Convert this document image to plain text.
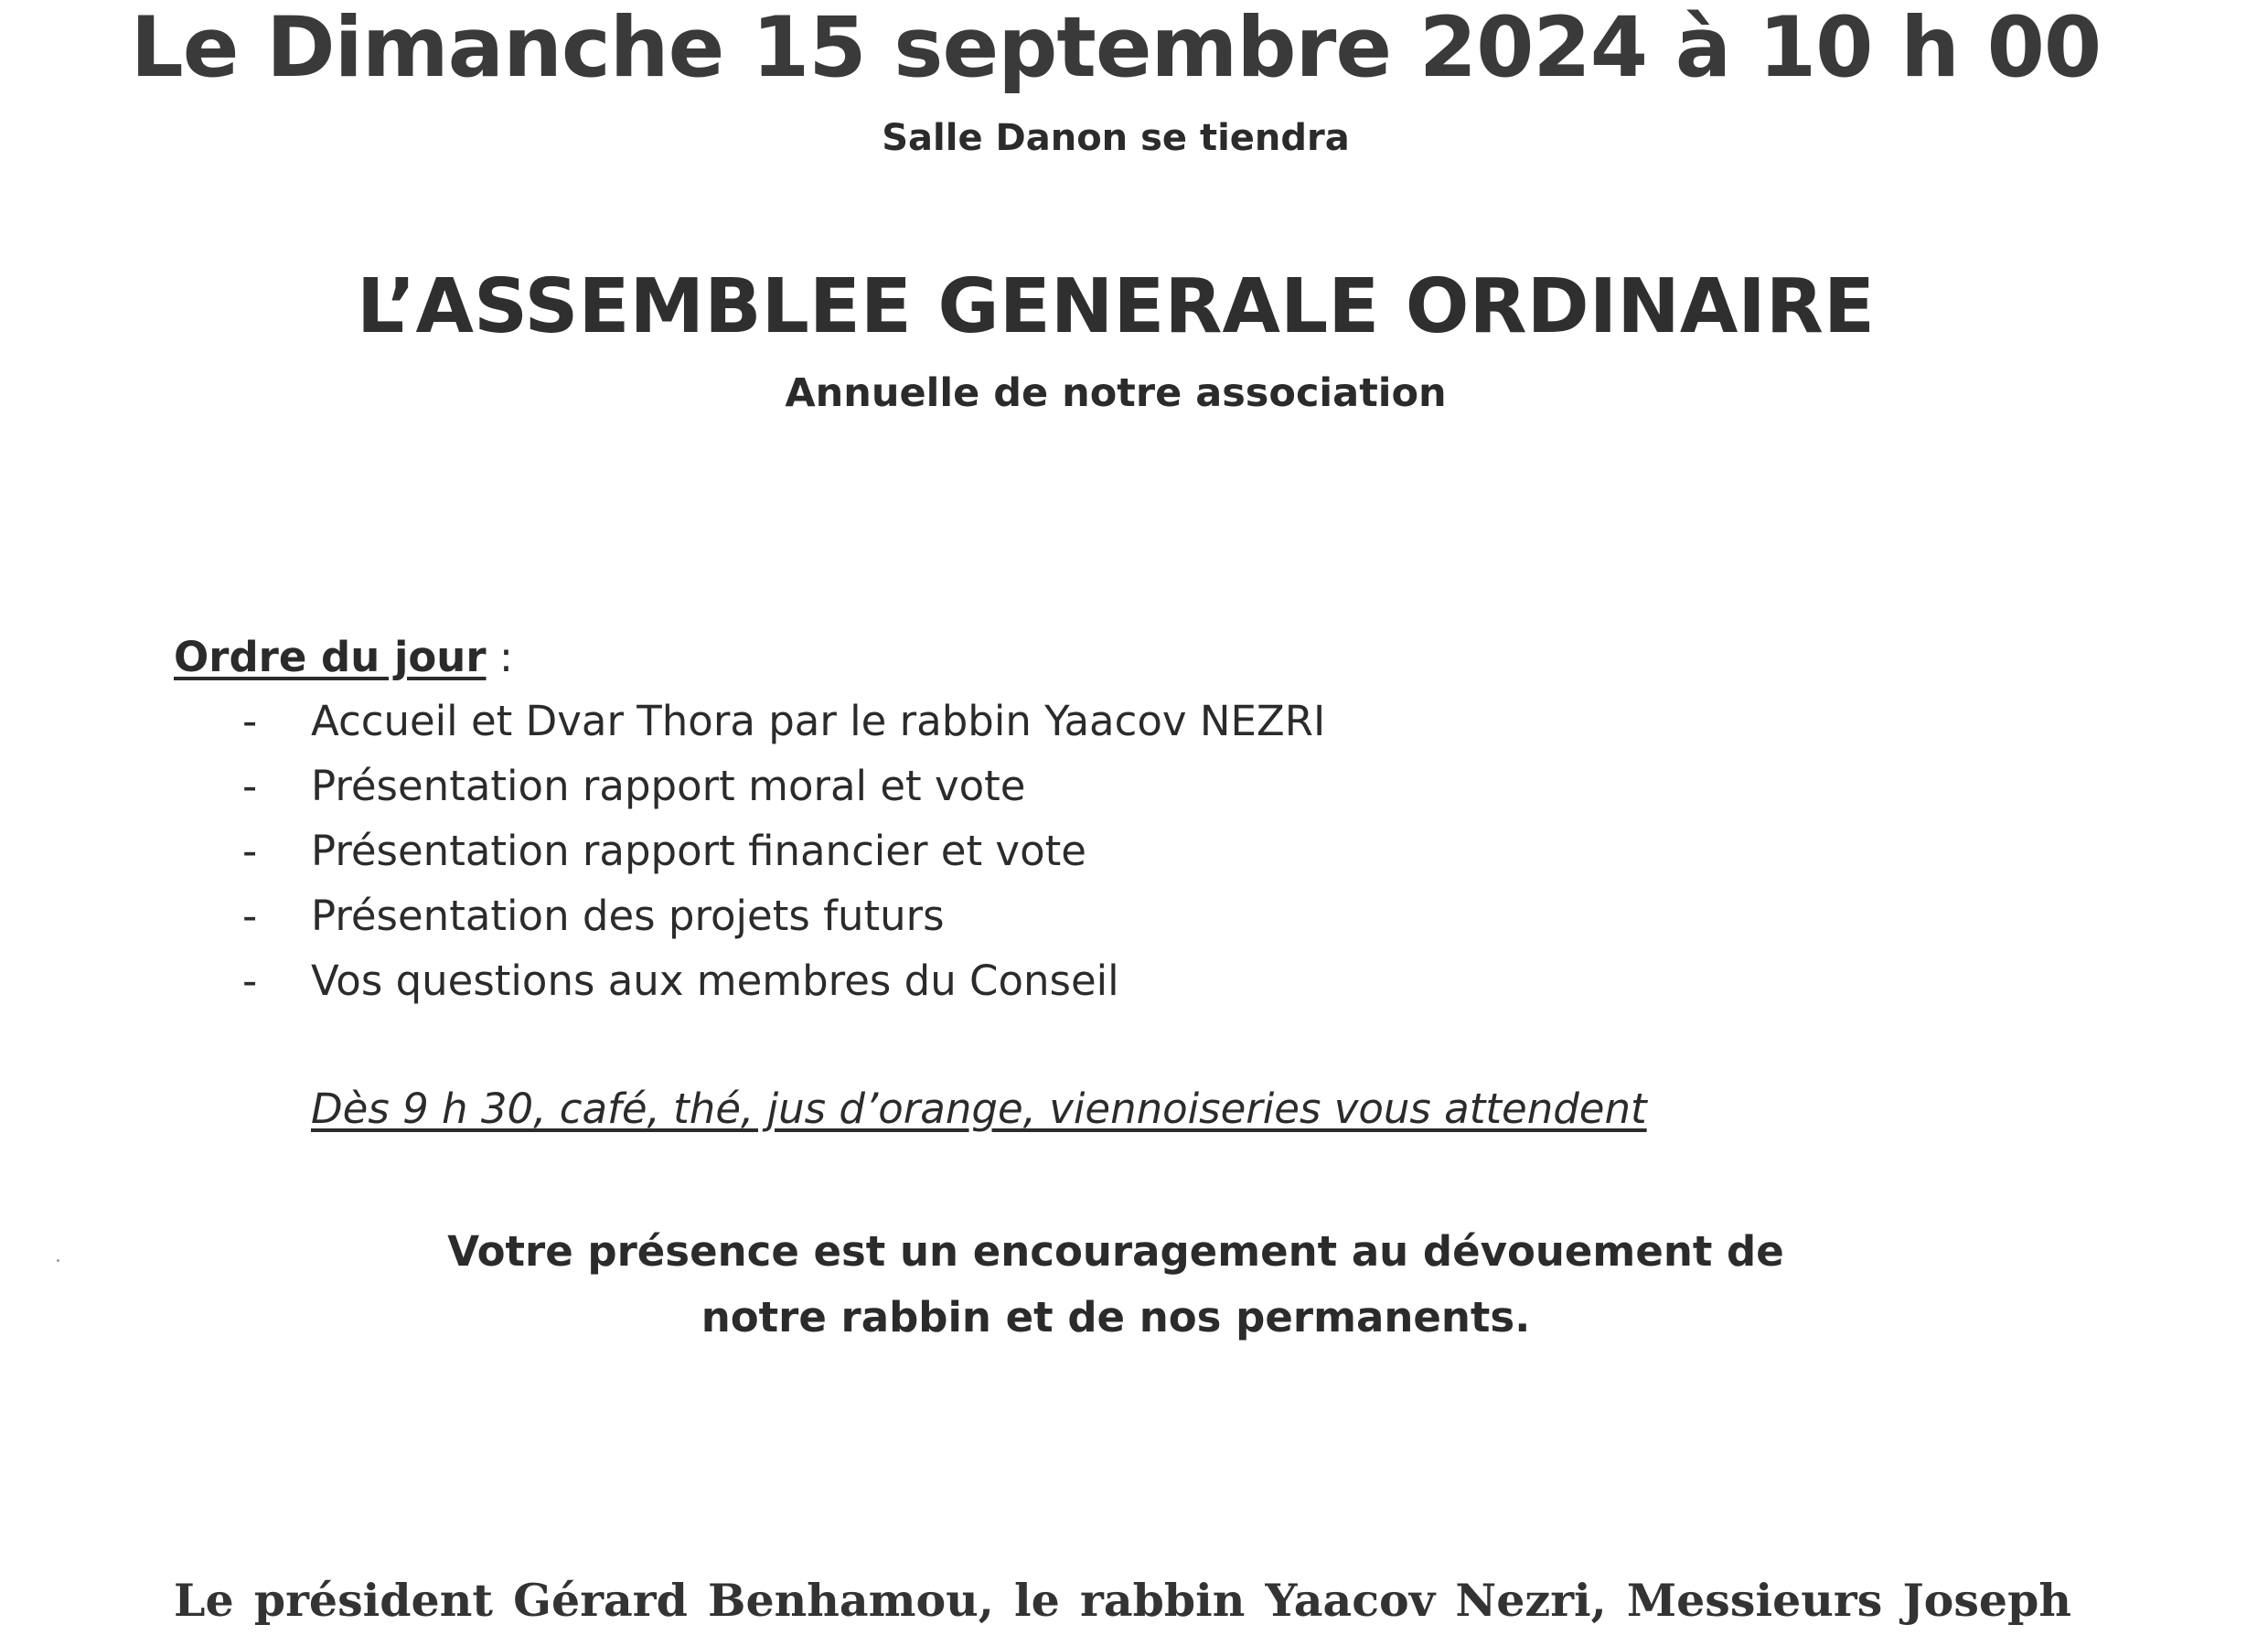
Le Dimanche 15 septembre 2024 à 10 h 00
Salle Danon se tiendra
L’ASSEMBLEE GENERALE ORDINAIRE
Annuelle de notre association
Ordre du jour :
- Accueil et Dvar Thora par le rabbin Yaacov NEZRI
- Présentation rapport moral et vote
- Présentation rapport financier et vote
- Présentation des projets futurs
- Vos questions aux membres du Conseil
Dès 9 h 30, café, thé, jus d’orange, viennoiseries vous attendent
Votre présence est un encouragement au dévouement de
notre rabbin et de nos permanents.
Le président Gérard Benhamou, le rabbin Yaacov Nezri, Messieurs Joseph
